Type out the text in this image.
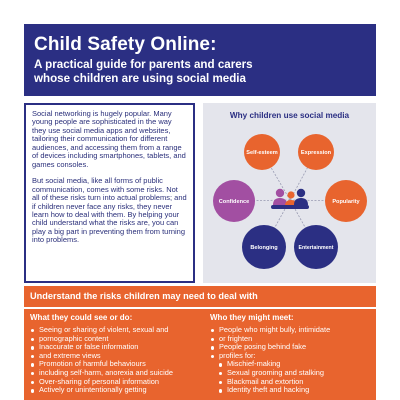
Child Safety Online:
A practical guide for parents and carers
whose children are using social media

Social networking is hugely popular. Many young people are sophisticated in the way they use social media apps and websites, tailoring their communication for different audiences, and accessing them from a range of devices including smartphones, tablets, and games consoles.

But social media, like all forms of public communication, comes with some risks. Not all of these risks turn into actual problems; and if children never face any risks, they never learn how to deal with them. By helping your child understand what the risks are, you can play a big part in preventing them from turning into problems.

Why children use social media
Self-esteem	Expression
Confidence	Popularity
Belonging	Entertainment
Understand the risks children may need to deal with
What they could see or do:
Seeing or sharing of violent, sexual and
pornographic content
Inaccurate or false information
and extreme views
Promotion of harmful behaviours
including self-harm, anorexia and suicide
Over-sharing of personal information
Actively or unintentionally getting
Who they might meet:
People who might bully, intimidate
or frighten
People posing behind fake
profiles for:
Mischief-making
Sexual grooming and stalking
Blackmail and extortion
Identity theft and hacking
